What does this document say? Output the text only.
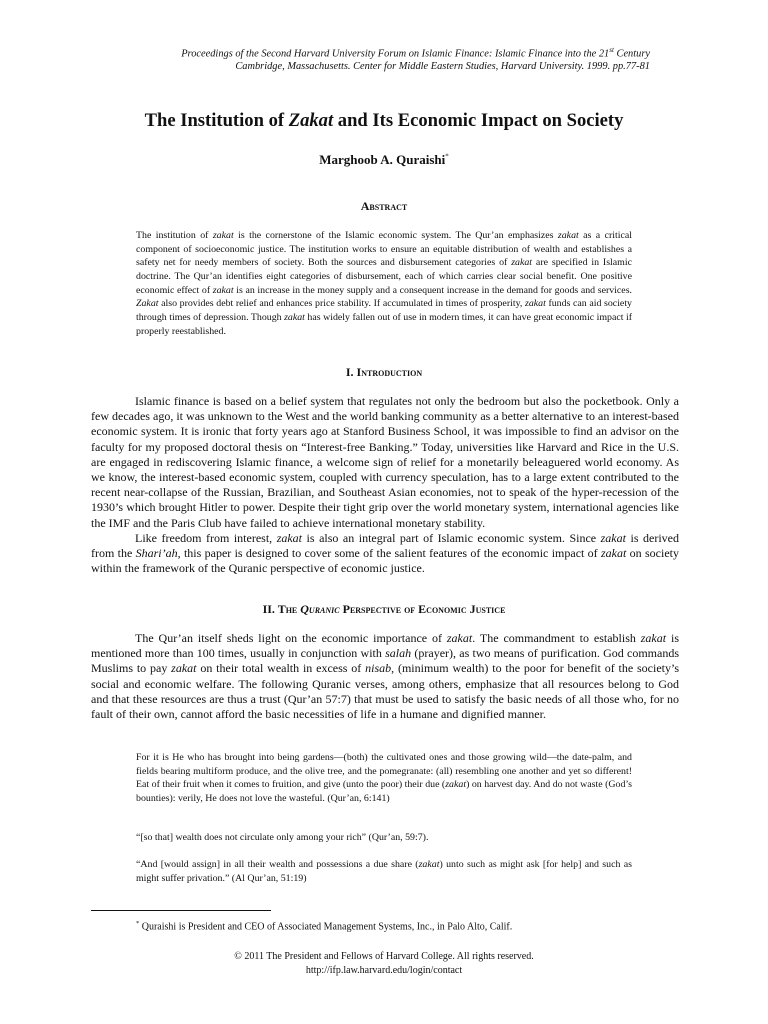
Proceedings of the Second Harvard University Forum on Islamic Finance: Islamic Finance into the 21st Century
Cambridge, Massachusetts. Center for Middle Eastern Studies, Harvard University. 1999. pp.77-81
The Institution of Zakat and Its Economic Impact on Society
Marghoob A. Quraishi*
Abstract
The institution of zakat is the cornerstone of the Islamic economic system. The Qur’an emphasizes zakat as a critical component of socioeconomic justice. The institution works to ensure an equitable distribution of wealth and establishes a safety net for needy members of society. Both the sources and disbursement categories of zakat are specified in Islamic doctrine. The Qur’an identifies eight categories of disbursement, each of which carries clear social benefit. One positive economic effect of zakat is an increase in the money supply and a consequent increase in the demand for goods and services. Zakat also provides debt relief and enhances price stability. If accumulated in times of prosperity, zakat funds can aid society through times of depression. Though zakat has widely fallen out of use in modern times, it can have great economic impact if properly reestablished.
I. Introduction

Islamic finance is based on a belief system that regulates not only the bedroom but also the pocketbook. Only a few decades ago, it was unknown to the West and the world banking community as a better alternative to an interest-based economic system. It is ironic that forty years ago at Stanford Business School, it was impossible to find an advisor on the faculty for my proposed doctoral thesis on “Interest-free Banking.” Today, universities like Harvard and Rice in the U.S. are engaged in rediscovering Islamic finance, a welcome sign of relief for a monetarily beleaguered world economy. As we know, the interest-based economic system, coupled with currency speculation, has to a large extent contributed to the recent near-collapse of the Russian, Brazilian, and Southeast Asian economies, not to speak of the hyper-recession of the 1930’s which brought Hitler to power. Despite their tight grip over the world monetary system, international agencies like the IMF and the Paris Club have failed to achieve international monetary stability.

Like freedom from interest, zakat is also an integral part of Islamic economic system. Since zakat is derived from the Shari’ah, this paper is designed to cover some of the salient features of the economic impact of zakat on society within the framework of the Quranic perspective of economic justice.

II. The Quranic Perspective of Economic Justice

The Qur’an itself sheds light on the economic importance of zakat. The commandment to establish zakat is mentioned more than 100 times, usually in conjunction with salah (prayer), as two means of purification. God commands Muslims to pay zakat on their total wealth in excess of nisab, (minimum wealth) to the poor for benefit of the society’s social and economic welfare. The following Quranic verses, among others, emphasize that all resources belong to God and that these resources are thus a trust (Qur’an 57:7) that must be used to satisfy the basic needs of all those who, for no fault of their own, cannot afford the basic necessities of life in a humane and dignified manner.

For it is He who has brought into being gardens—(both) the cultivated ones and those growing wild—the date-palm, and fields bearing multiform produce, and the olive tree, and the pomegranate: (all) resembling one another and yet so different! Eat of their fruit when it comes to fruition, and give (unto the poor) their due (zakat) on harvest day. And do not waste (God’s bounties): verily, He does not love the wasteful. (Qur’an, 6:141)

“[so that] wealth does not circulate only among your rich” (Qur’an, 59:7).

“And [would assign] in all their wealth and possessions a due share (zakat) unto such as might ask [for help] and such as might suffer privation.” (Al Qur’an, 51:19)

* Quraishi is President and CEO of Associated Management Systems, Inc., in Palo Alto, Calif.
© 2011 The President and Fellows of Harvard College. All rights reserved.
http://ifp.law.harvard.edu/login/contact
